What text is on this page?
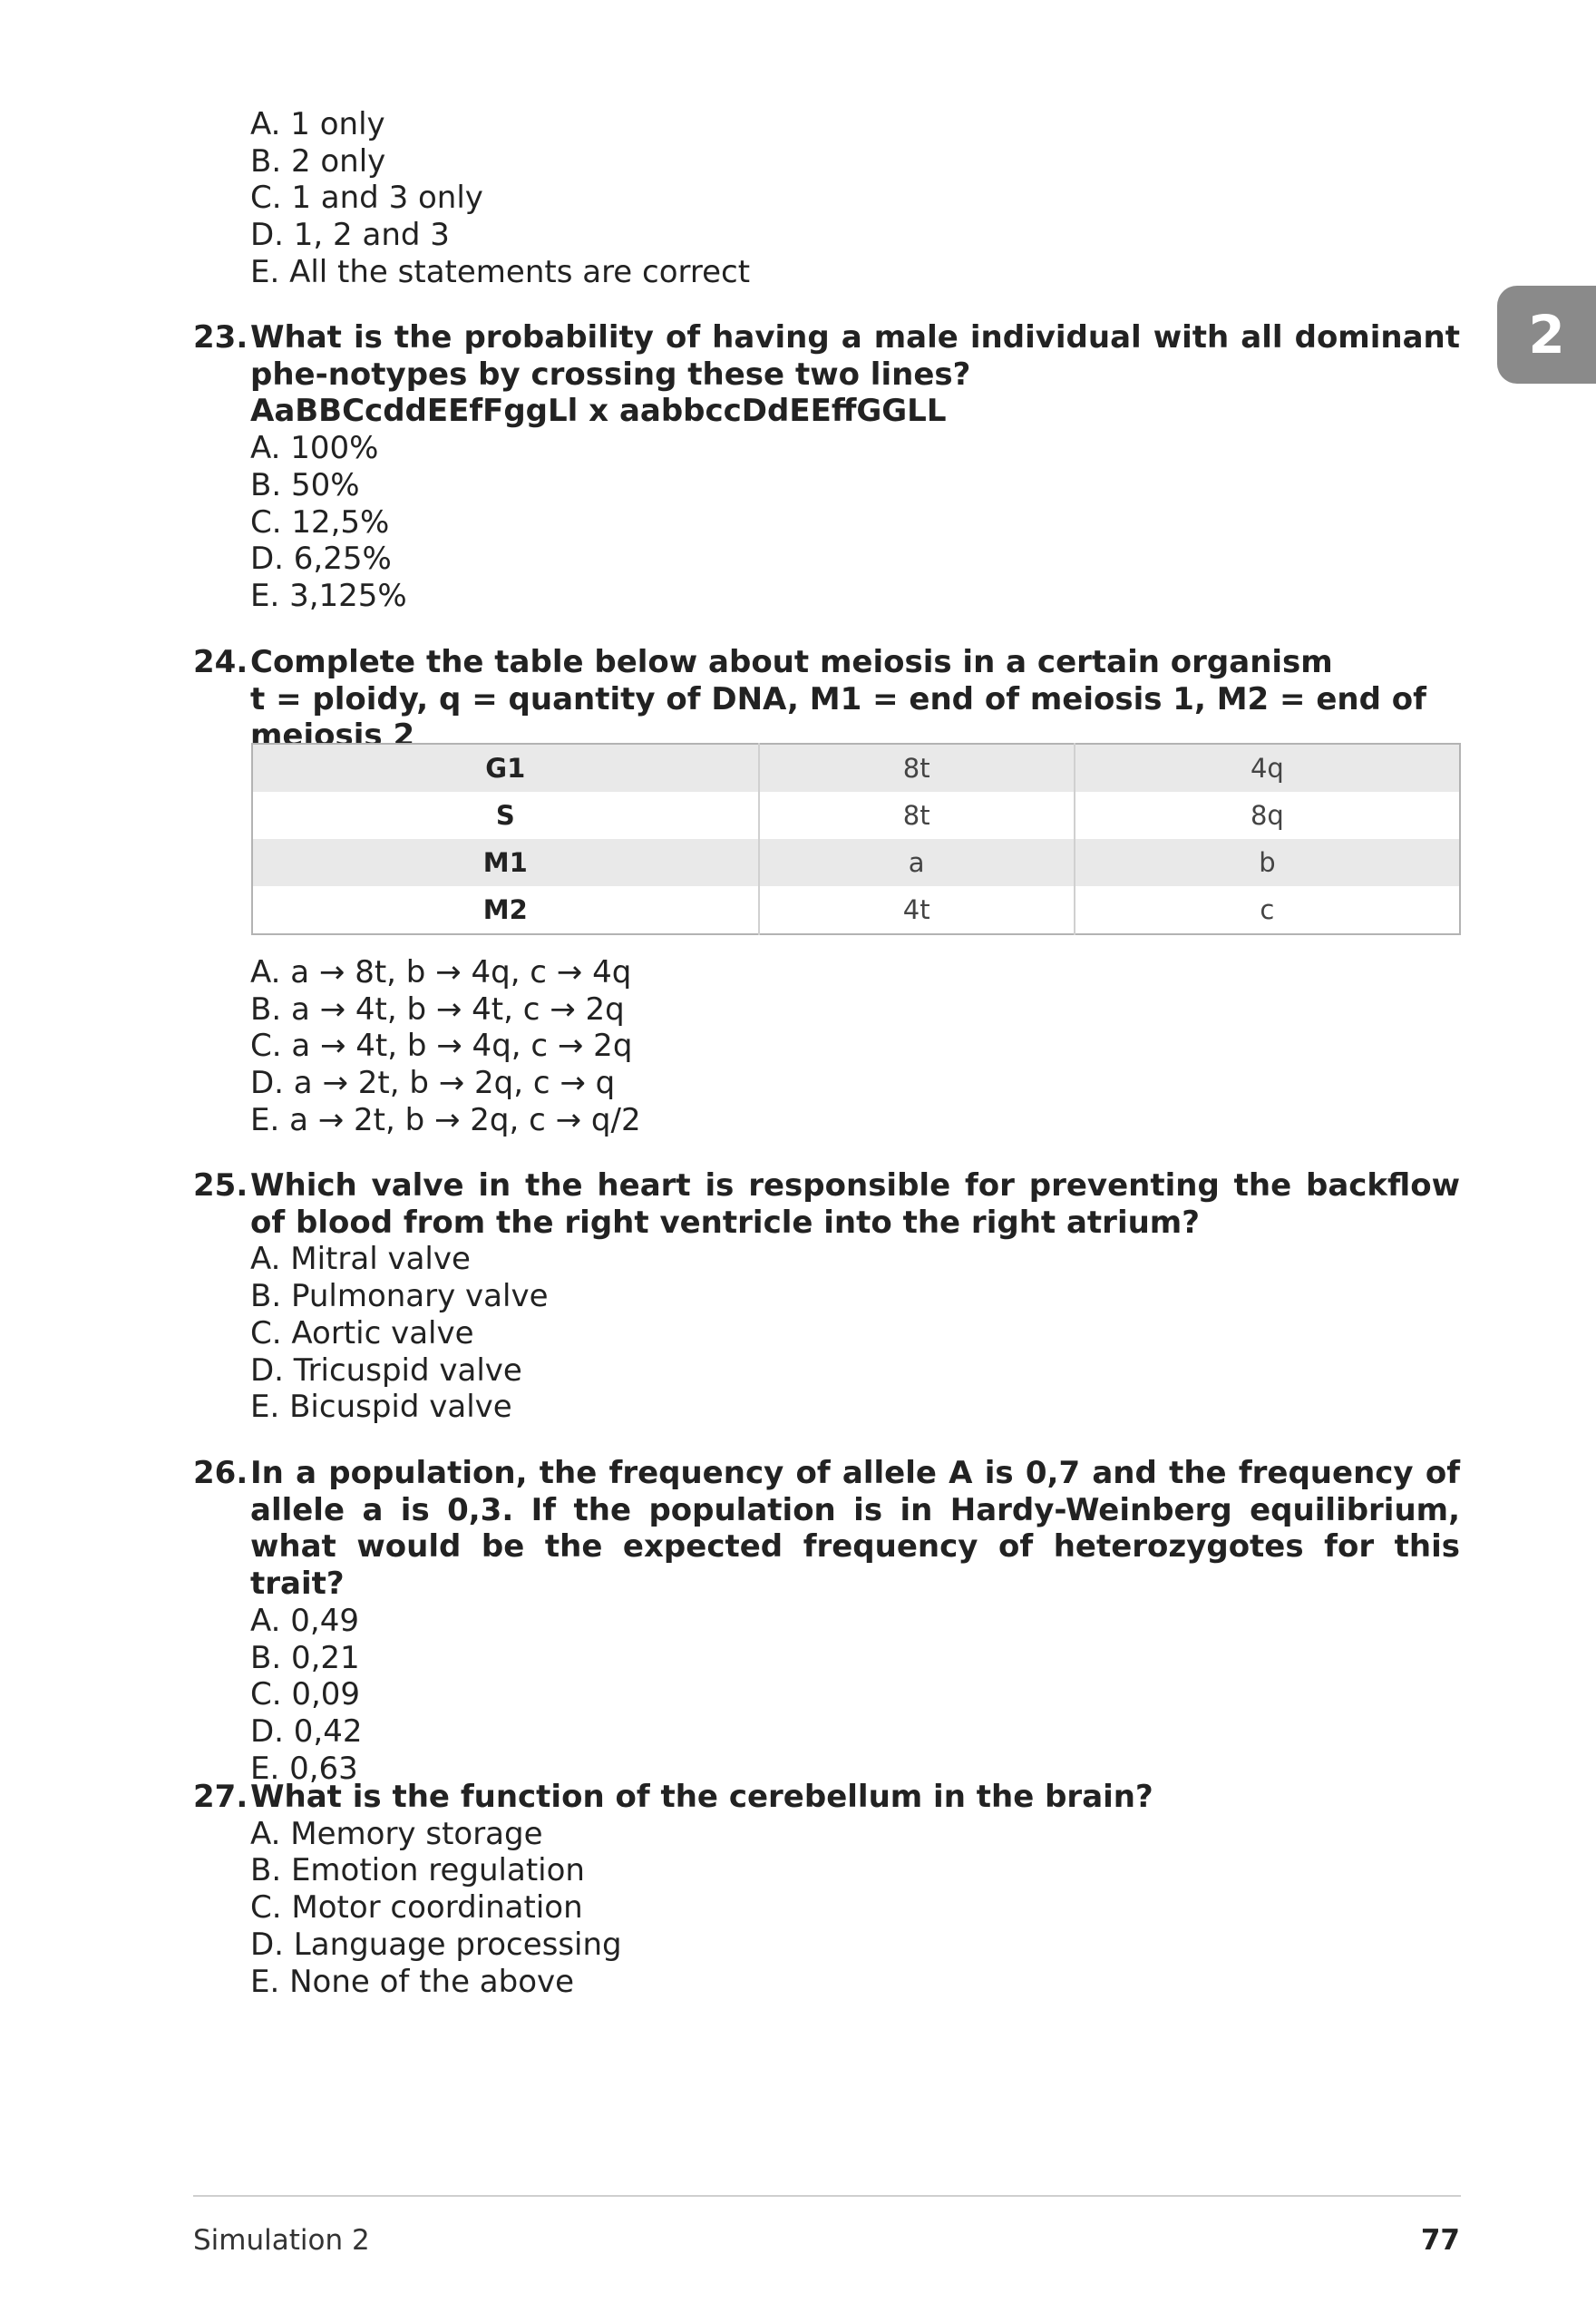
A. 1 only
B. 2 only
C. 1 and 3 only
D. 1, 2 and 3
E. All the statements are correct
2
23. What is the probability of having a male individual with all dominant phe-notypes by crossing these two lines?
AaBBCcddEEfFggLl x aabbccDdEEffGGLL
A. 100%
B. 50%
C. 12,5%
D. 6,25%
E. 3,125%
24. Complete the table below about meiosis in a certain organism
t = ploidy, q = quantity of DNA, M1 = end of meiosis 1, M2 = end of meiosis 2
G1	8t	4q
S	8t	8q
M1	a	b
M2	4t	c
A. a → 8t, b → 4q, c → 4q
B. a → 4t, b → 4t, c → 2q
C. a → 4t, b → 4q, c → 2q
D. a → 2t, b → 2q, c → q
E. a → 2t, b → 2q, c → q/2
25. Which valve in the heart is responsible for preventing the backflow of blood from the right ventricle into the right atrium?
A. Mitral valve
B. Pulmonary valve
C. Aortic valve
D. Tricuspid valve
E. Bicuspid valve
26. In a population, the frequency of allele A is 0,7 and the frequency of allele a is 0,3. If the population is in Hardy-Weinberg equilibrium, what would be the expected frequency of heterozygotes for this trait?
A. 0,49
B. 0,21
C. 0,09
D. 0,42
E. 0,63
27. What is the function of the cerebellum in the brain?
A. Memory storage
B. Emotion regulation
C. Motor coordination
D. Language processing
E. None of the above
Simulation 2	77
